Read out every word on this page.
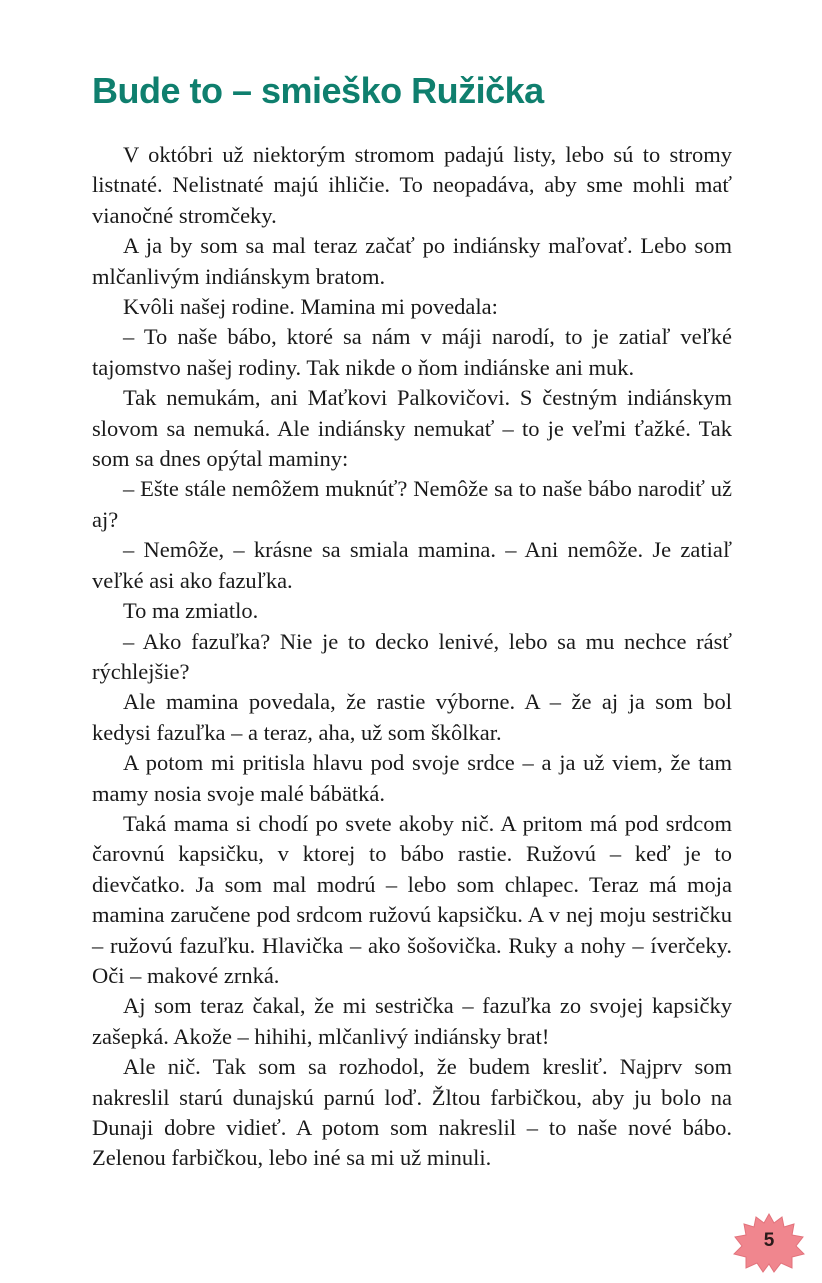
Bude to – smieško Ružička

V októbri už niektorým stromom padajú listy, lebo sú to stromy listnaté. Nelistnaté majú ihličie. To neopadáva, aby sme mohli mať vianočné stromčeky.

A ja by som sa mal teraz začať po indiánsky maľovať. Lebo som mlčanlivým indiánskym bratom.

Kvôli našej rodine. Mamina mi povedala:

– To naše bábo, ktoré sa nám v máji narodí, to je zatiaľ veľké tajomstvo našej rodiny. Tak nikde o ňom indiánske ani muk.

Tak nemukám, ani Maťkovi Palkovičovi. S čestným indiánskym slovom sa nemuká. Ale indiánsky nemukať – to je veľmi ťažké. Tak som sa dnes opýtal maminy:

– Ešte stále nemôžem muknúť? Nemôže sa to naše bábo narodiť už aj?

– Nemôže, – krásne sa smiala mamina. – Ani nemôže. Je zatiaľ veľké asi ako fazuľka.

To ma zmiatlo.

– Ako fazuľka? Nie je to decko lenivé, lebo sa mu nechce rásť rýchlejšie?

Ale mamina povedala, že rastie výborne. A – že aj ja som bol kedysi fazuľka – a teraz, aha, už som škôlkar.

A potom mi pritisla hlavu pod svoje srdce – a ja už viem, že tam mamy nosia svoje malé bábätká.

Taká mama si chodí po svete akoby nič. A pritom má pod srdcom čarovnú kapsičku, v ktorej to bábo rastie. Ružovú – keď je to dievčatko. Ja som mal modrú – lebo som chlapec. Teraz má moja mamina zaručene pod srdcom ružovú kapsičku. A v nej moju sestričku – ružovú fazuľku. Hlavička – ako šošovička. Ruky a nohy – íverčeky. Oči – makové zrnká.

Aj som teraz čakal, že mi sestrička – fazuľka zo svojej kapsičky zašepká. Akože – hihihi, mlčanlivý indiánsky brat!

Ale nič. Tak som sa rozhodol, že budem kresliť. Najprv som nakreslil starú dunajskú parnú loď. Žltou farbičkou, aby ju bolo na Dunaji dobre vidieť. A potom som nakreslil – to naše nové bábo. Zelenou farbičkou, lebo iné sa mi už minuli.

5
